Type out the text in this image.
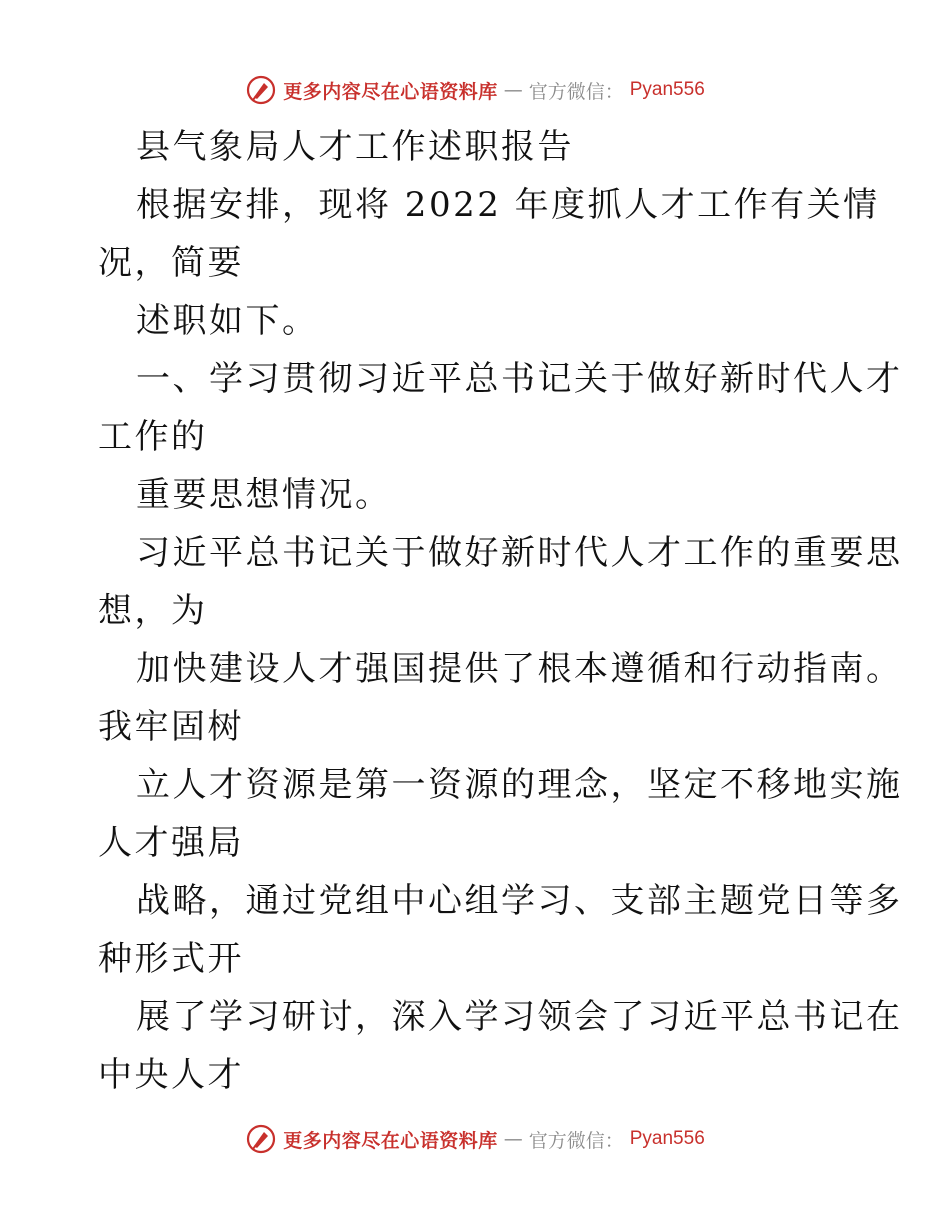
更多内容尽在心语资料库 — 官方微信： Pyan556
县气象局人才工作述职报告
根据安排，现将 2022 年度抓人才工作有关情
况，简要
述职如下。
一、学习贯彻习近平总书记关于做好新时代人才
工作的
重要思想情况。
习近平总书记关于做好新时代人才工作的重要思
想，为
加快建设人才强国提供了根本遵循和行动指南。
我牢固树
立人才资源是第一资源的理念，坚定不移地实施
人才强局
战略，通过党组中心组学习、支部主题党日等多
种形式开
展了学习研讨，深入学习领会了习近平总书记在
中央人才
更多内容尽在心语资料库 — 官方微信： Pyan556
